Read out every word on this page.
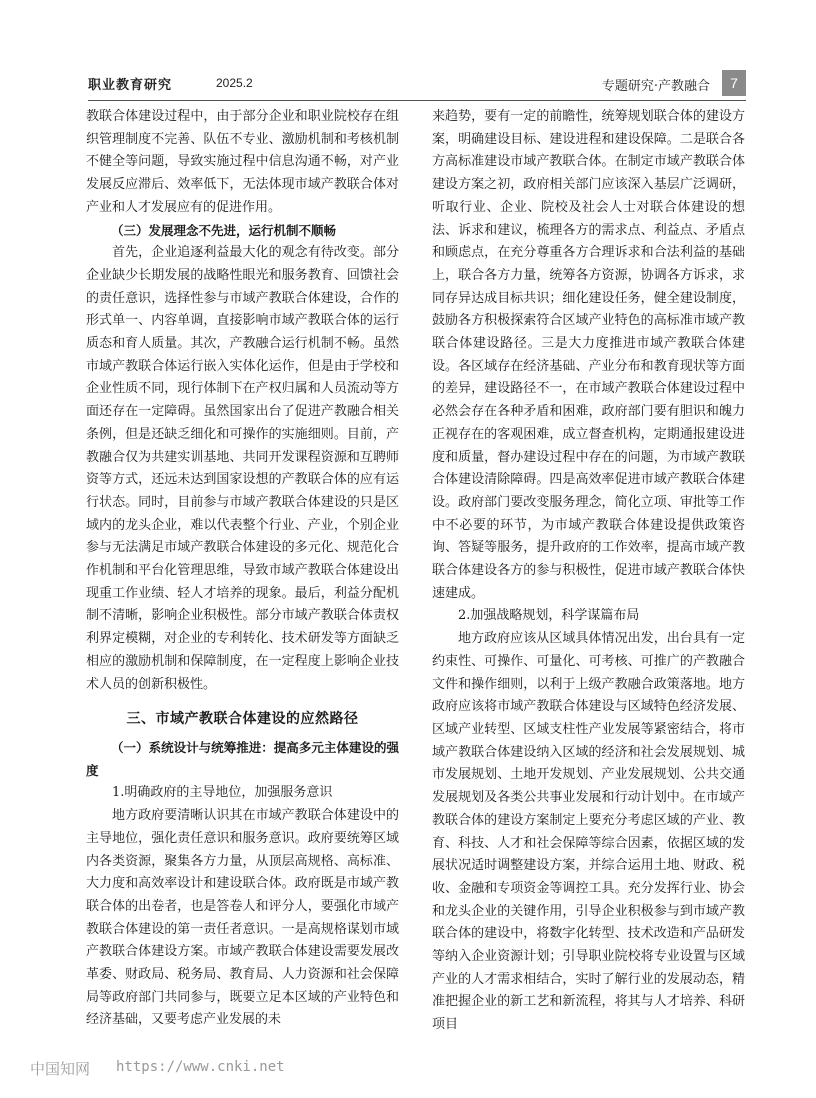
职业教育研究	2025.2	专题研究·产教融合	7

教联合体建设过程中，由于部分企业和职业院校存在组织管理制度不完善、队伍不专业、激励机制和考核机制不健全等问题，导致实施过程中信息沟通不畅，对产业发展反应滞后、效率低下，无法体现市域产教联合体对产业和人才发展应有的促进作用。

（三）发展理念不先进，运行机制不顺畅

首先，企业追逐利益最大化的观念有待改变。部分企业缺少长期发展的战略性眼光和服务教育、回馈社会的责任意识，选择性参与市域产教联合体建设，合作的形式单一、内容单调，直接影响市域产教联合体的运行质态和育人质量。其次，产教融合运行机制不畅。虽然市域产教联合体运行嵌入实体化运作，但是由于学校和企业性质不同，现行体制下在产权归属和人员流动等方面还存在一定障碍。虽然国家出台了促进产教融合相关条例，但是还缺乏细化和可操作的实施细则。目前，产教融合仅为共建实训基地、共同开发课程资源和互聘师资等方式，还远未达到国家设想的产教联合体的应有运行状态。同时，目前参与市域产教联合体建设的只是区域内的龙头企业，难以代表整个行业、产业，个别企业参与无法满足市域产教联合体建设的多元化、规范化合作机制和平台化管理思维，导致市域产教联合体建设出现重工作业绩、轻人才培养的现象。最后，利益分配机制不清晰，影响企业积极性。部分市域产教联合体责权利界定模糊，对企业的专利转化、技术研发等方面缺乏相应的激励机制和保障制度，在一定程度上影响企业技术人员的创新积极性。

三、市域产教联合体建设的应然路径

（一）系统设计与统筹推进：提高多元主体建设的强度

1.明确政府的主导地位，加强服务意识

地方政府要清晰认识其在市域产教联合体建设中的主导地位，强化责任意识和服务意识。政府要统筹区域内各类资源，聚集各方力量，从顶层高规格、高标准、大力度和高效率设计和建设联合体。政府既是市域产教联合体的出卷者，也是答卷人和评分人，要强化市域产教联合体建设的第一责任者意识。一是高规格谋划市域产教联合体建设方案。市域产教联合体建设需要发展改革委、财政局、税务局、教育局、人力资源和社会保障局等政府部门共同参与，既要立足本区域的产业特色和经济基础，又要考虑产业发展的未

来趋势，要有一定的前瞻性，统筹规划联合体的建设方案，明确建设目标、建设进程和建设保障。二是联合各方高标准建设市域产教联合体。在制定市域产教联合体建设方案之初，政府相关部门应该深入基层广泛调研，听取行业、企业、院校及社会人士对联合体建设的想法、诉求和建议，梳理各方的需求点、利益点、矛盾点和顾虑点，在充分尊重各方合理诉求和合法利益的基础上，联合各方力量，统筹各方资源，协调各方诉求，求同存异达成目标共识；细化建设任务，健全建设制度，鼓励各方积极探索符合区域产业特色的高标准市域产教联合体建设路径。三是大力度推进市域产教联合体建设。各区域存在经济基础、产业分布和教育现状等方面的差异，建设路径不一，在市域产教联合体建设过程中必然会存在各种矛盾和困难，政府部门要有胆识和魄力正视存在的客观困难，成立督查机构，定期通报建设进度和质量，督办建设过程中存在的问题，为市域产教联合体建设清除障碍。四是高效率促进市域产教联合体建设。政府部门要改变服务理念，简化立项、审批等工作中不必要的环节，为市域产教联合体建设提供政策咨询、答疑等服务，提升政府的工作效率，提高市域产教联合体建设各方的参与积极性，促进市域产教联合体快速建成。

2.加强战略规划，科学谋篇布局

地方政府应该从区域具体情况出发，出台具有一定约束性、可操作、可量化、可考核、可推广的产教融合文件和操作细则，以利于上级产教融合政策落地。地方政府应该将市域产教联合体建设与区域特色经济发展、区域产业转型、区域支柱性产业发展等紧密结合，将市域产教联合体建设纳入区域的经济和社会发展规划、城市发展规划、土地开发规划、产业发展规划、公共交通发展规划及各类公共事业发展和行动计划中。在市域产教联合体的建设方案制定上要充分考虑区域的产业、教育、科技、人才和社会保障等综合因素，依据区域的发展状况适时调整建设方案，并综合运用土地、财政、税收、金融和专项资金等调控工具。充分发挥行业、协会和龙头企业的关键作用，引导企业积极参与到市域产教联合体的建设中，将数字化转型、技术改造和产品研发等纳入企业资源计划；引导职业院校将专业设置与区域产业的人才需求相结合，实时了解行业的发展动态，精准把握企业的新工艺和新流程，将其与人才培养、科研项目

中国知网 https://www.cnki.net
